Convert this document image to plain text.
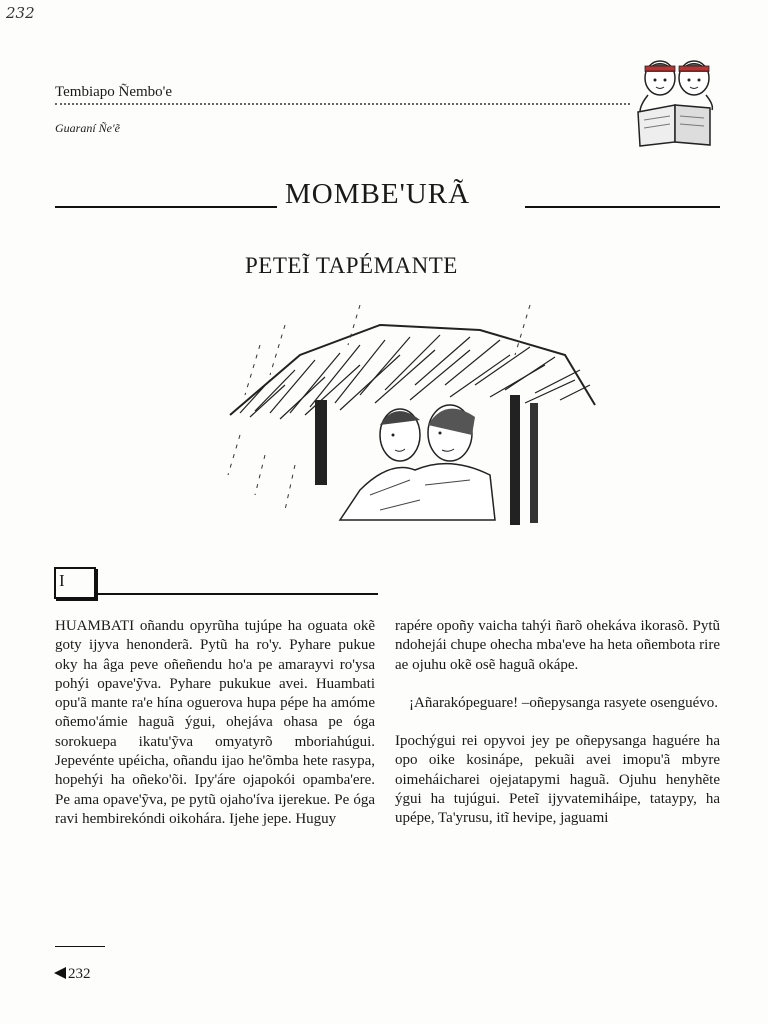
232
Tembiapo Ñembo'e
Guaraní Ñe'ẽ
MOMBE'URÃ
PETEĨ TAPÉMANTE
I

HUAMBATI oñandu opyrũha tujúpe ha oguata okẽ goty ijyva henonderã. Pytũ ha ro'y. Pyhare pukue oky ha âga peve oñeñendu ho'a pe amarayvi ro'ysa pohýi opave'ỹva. Pyhare pukukue avei. Huambati opu'ã mante ra'e hína oguerova hupa pépe ha amóme oñemo'ámie haguã ýgui, ohejáva ohasa pe óga sorokuepa ikatu'ỹva omyatyrõ mboriahúgui. Jepevénte upéicha, oñandu ijao he'õmba hete rasypa, hopehýi ha oñeko'õi. Ipy'áre ojapokói opamba'ere. Pe ama opave'ỹva, pe pytũ ojaho'íva ijerekue. Pe óga ravi hembirekóndi oikohára. Ijehe jepe. Huguy

rapére opoñy vaicha tahýi ñarõ ohekáva ikorasõ. Pytũ ndohejái chupe ohecha mba'eve ha heta oñembota rire ae ojuhu okẽ osẽ haguã okápe.

¡Añarakópeguare! –oñepysanga rasyete osenguévo.

Ipochýgui rei opyvoi jey pe oñepysanga haguére ha opo oike kosinápe, pekuãi avei imopu'ã mbyre oimeháicharei ojejatapymi haguã. Ojuhu henyhẽte ýgui ha tujúgui. Peteĩ ijyvatemiháipe, tataypy, ha upépe, Ta'yrusu, itĩ hevipe, jaguami

232
